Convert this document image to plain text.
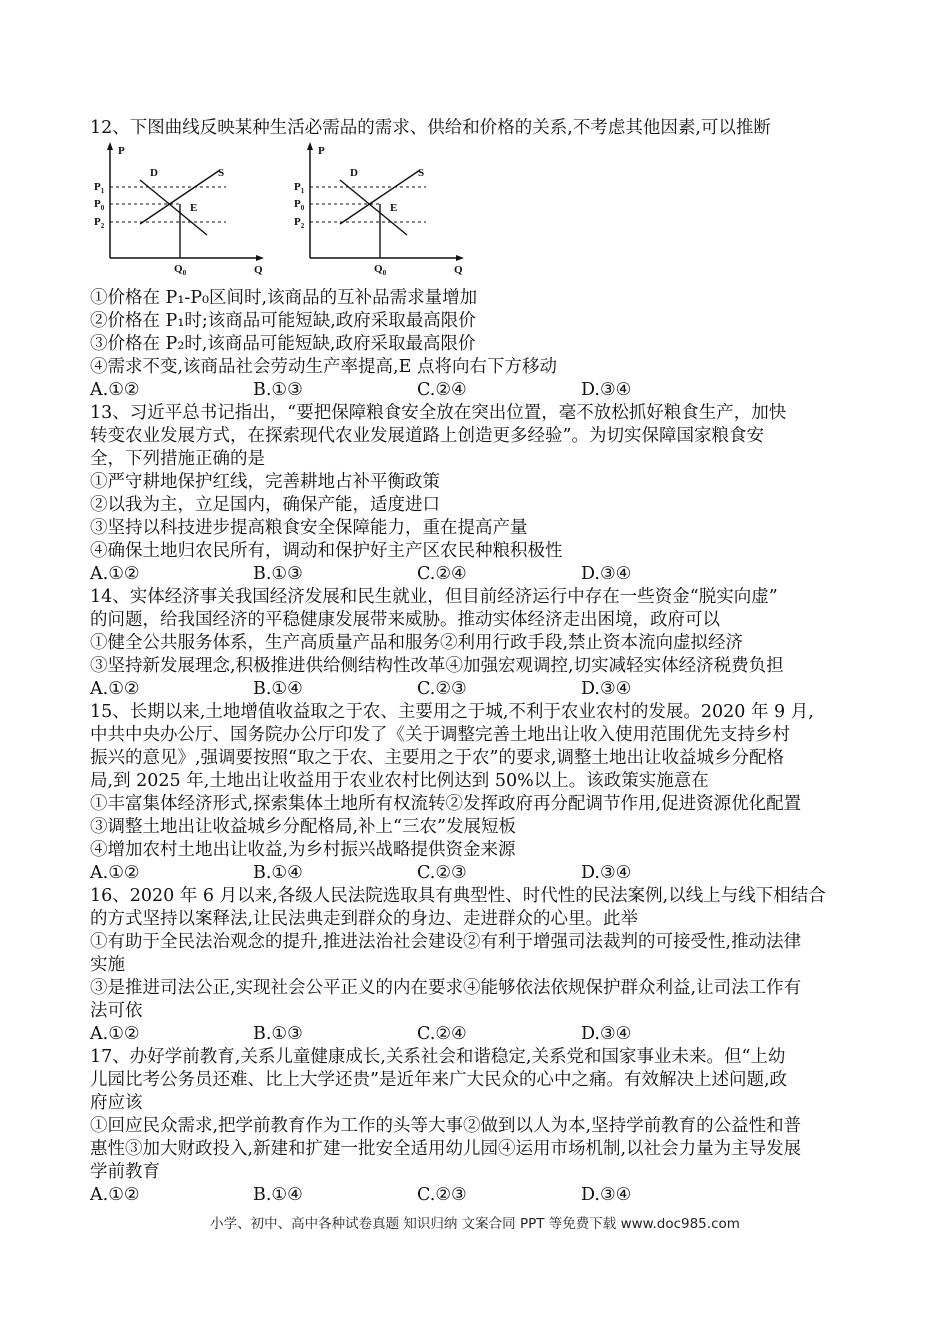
12、下图曲线反映某种生活必需品的需求、供给和价格的关系,不考虑其他因素,可以推断
P
Q
D	S
E
$P_1$
$P_0$
$P_2$
$Q_0$
P
Q
D	S
E
$P_1$
$P_0$
$P_2$
$Q_0$
①价格在 P₁-P₀区间时,该商品的互补品需求量增加
②价格在 P₁时;该商品可能短缺,政府采取最高限价
③价格在 P₂时,该商品可能短缺,政府采取最高限价
④需求不变,该商品社会劳动生产率提高,E 点将向右下方移动
A.①②	B.①③	C.②④	D.③④
13、习近平总书记指出，“要把保障粮食安全放在突出位置，毫不放松抓好粮食生产，加快
转变农业发展方式，在探索现代农业发展道路上创造更多经验”。为切实保障国家粮食安
全，下列措施正确的是
①严守耕地保护红线，完善耕地占补平衡政策
②以我为主，立足国内，确保产能，适度进口
③坚持以科技进步提高粮食安全保障能力，重在提高产量
④确保土地归农民所有，调动和保护好主产区农民种粮积极性
A.①②	B.①③	C.②④	D.③④
14、实体经济事关我国经济发展和民生就业，但目前经济运行中存在一些资金“脱实向虚”
的问题，给我国经济的平稳健康发展带来威胁。推动实体经济走出困境，政府可以
①健全公共服务体系，生产高质量产品和服务②利用行政手段,禁止资本流向虚拟经济
③坚持新发展理念,积极推进供给侧结构性改革④加强宏观调控,切实减轻实体经济税费负担
A.①②	B.①④	C.②③	D.③④
15、长期以来,土地增值收益取之于农、主要用之于城,不利于农业农村的发展。2020 年 9 月,
中共中央办公厅、国务院办公厅印发了《关于调整完善土地出让收入使用范围优先支持乡村
振兴的意见》,强调要按照“取之于农、主要用之于农”的要求,调整土地出让收益城乡分配格
局,到 2025 年,土地出让收益用于农业农村比例达到 50%以上。该政策实施意在
①丰富集体经济形式,探索集体土地所有权流转②发挥政府再分配调节作用,促进资源优化配置
③调整土地出让收益城乡分配格局,补上“三农”发展短板
④增加农村土地出让收益,为乡村振兴战略提供资金来源
A.①②	B.①④	C.②③	D.③④
16、2020 年 6 月以来,各级人民法院选取具有典型性、时代性的民法案例,以线上与线下相结合
的方式坚持以案释法,让民法典走到群众的身边、走进群众的心里。此举
①有助于全民法治观念的提升,推进法治社会建设②有利于增强司法裁判的可接受性,推动法律
实施
③是推进司法公正,实现社会公平正义的内在要求④能够依法依规保护群众利益,让司法工作有
法可依
A.①②	B.①③	C.②④	D.③④
17、办好学前教育,关系儿童健康成长,关系社会和谐稳定,关系党和国家事业未来。但“上幼
儿园比考公务员还难、比上大学还贵”是近年来广大民众的心中之痛。有效解决上述问题,政
府应该
①回应民众需求,把学前教育作为工作的头等大事②做到以人为本,坚持学前教育的公益性和普
惠性③加大财政投入,新建和扩建一批安全适用幼儿园④运用市场机制,以社会力量为主导发展
学前教育
A.①②	B.①④	C.②③	D.③④
小学、初中、高中各种试卷真题 知识归纳 文案合同 PPT 等免费下载 www.doc985.com
